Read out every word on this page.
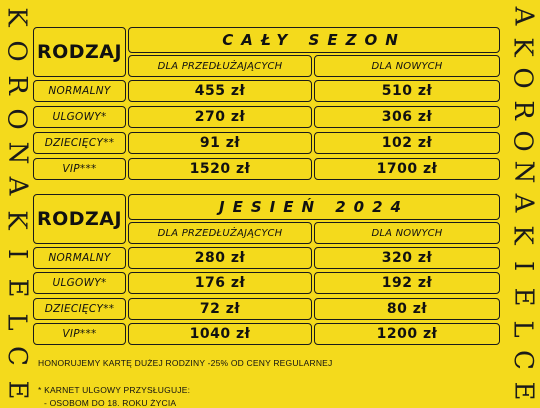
K
O
R
O
N
A
K
I
E
L
C
E
A
K
O
R
O
N
A
K
I
E
L
C
E
RODZAJ
CAŁY SEZON
DLA PRZEDŁUŻAJĄCYCH	DLA NOWYCH
NORMALNY	455 zł	510 zł
ULGOWY*	270 zł	306 zł
DZIECIĘCY**	91 zł	102 zł
VIP***	1520 zł	1700 zł
RODZAJ
JESIEŃ 2024
DLA PRZEDŁUŻAJĄCYCH	DLA NOWYCH
NORMALNY	280 zł	320 zł
ULGOWY*	176 zł	192 zł
DZIECIĘCY**	72 zł	80 zł
VIP***	1040 zł	1200 zł
HONORUJEMY KARTĘ DUŻEJ RODZINY -25% OD CENY REGULARNEJ
* KARNET ULGOWY PRZYSŁUGUJE:
- OSOBOM DO 18. ROKU ŻYCIA
